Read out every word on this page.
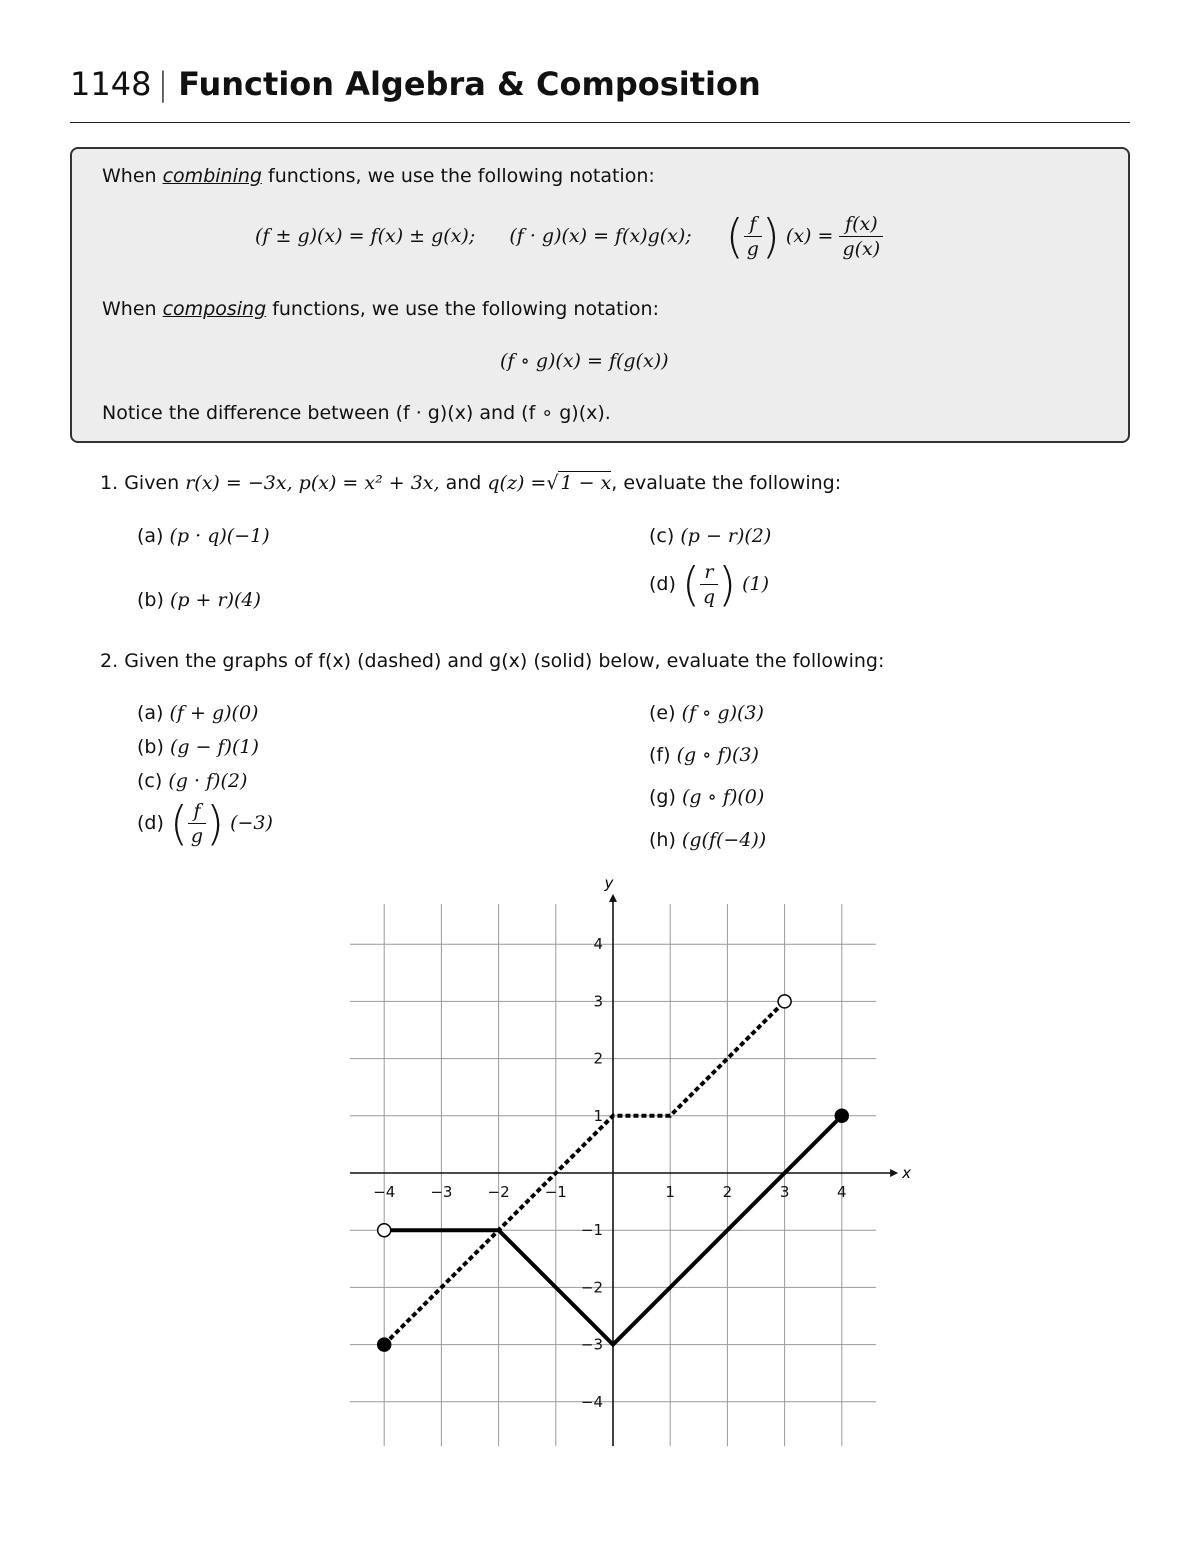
1148 | Function Algebra & Composition
When combining functions, we use the following notation:
(f ± g)(x) = f(x) ± g(x); (f · g)(x) = f(x)g(x); ( $\frac{f}{g}$ ) $(x) = \frac{f(x)}{g(x)}$
When composing functions, we use the following notation:
(f ∘ g)(x) = f(g(x))
Notice the difference between (f · g)(x) and (f ∘ g)(x).
1. Given r(x) = −3x, p(x) = x² + 3x, and q(z) =√ 1 − x, evaluate the following:
(a) (p · q)(−1)
(b) (p + r)(4)
(c) (p − r)(2)
(d) ( $\frac{r}{q}$ ) (1)
2. Given the graphs of f(x) (dashed) and g(x) (solid) below, evaluate the following:
(a) (f + g)(0)
(b) (g − f)(1)
(c) (g · f)(2)
(d) ( $\frac{f}{g}$ ) (−3)
(e) (f ∘ g)(3)
(f) (g ∘ f)(3)
(g) (g ∘ f)(0)
(h) (g(f(−4))
x
y
−4 −3 −2 −1	1	2	3	4
4
3
2
1
−1
−2
−3
−4
